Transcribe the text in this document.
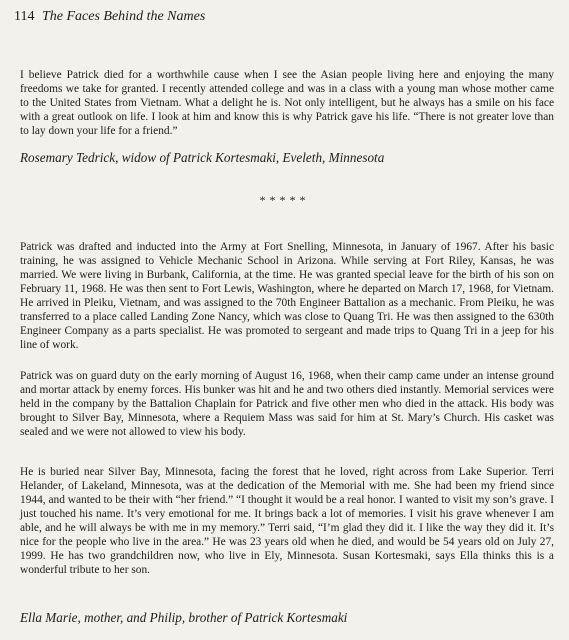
114 The Faces Behind the Names

I believe Patrick died for a worthwhile cause when I see the Asian people living here and enjoying the many freedoms we take for granted. I recently attended college and was in a class with a young man whose mother came to the United States from Vietnam. What a delight he is. Not only intelligent, but he always has a smile on his face with a great outlook on life. I look at him and know this is why Patrick gave his life. “There is not greater love than to lay down your life for a friend.”

Rosemary Tedrick, widow of Patrick Kortesmaki, Eveleth, Minnesota
*****

Patrick was drafted and inducted into the Army at Fort Snelling, Minnesota, in January of 1967. After his basic training, he was assigned to Vehicle Mechanic School in Arizona. While serving at Fort Riley, Kansas, he was married. We were living in Burbank, California, at the time. He was granted special leave for the birth of his son on February 11, 1968. He was then sent to Fort Lewis, Washington, where he departed on March 17, 1968, for Vietnam. He arrived in Pleiku, Vietnam, and was assigned to the 70th Engineer Battalion as a mechanic. From Pleiku, he was transferred to a place called Landing Zone Nancy, which was close to Quang Tri. He was then assigned to the 630th Engineer Company as a parts specialist. He was promoted to sergeant and made trips to Quang Tri in a jeep for his line of work.

Patrick was on guard duty on the early morning of August 16, 1968, when their camp came under an intense ground and mortar attack by enemy forces. His bunker was hit and he and two others died instantly. Memorial services were held in the company by the Battalion Chaplain for Patrick and five other men who died in the attack. His body was brought to Silver Bay, Minnesota, where a Requiem Mass was said for him at St. Mary’s Church. His casket was sealed and we were not allowed to view his body.

He is buried near Silver Bay, Minnesota, facing the forest that he loved, right across from Lake Superior. Terri Helander, of Lakeland, Minnesota, was at the dedication of the Memorial with me. She had been my friend since 1944, and wanted to be their with “her friend.” “I thought it would be a real honor. I wanted to visit my son’s grave. I just touched his name. It’s very emotional for me. It brings back a lot of memories. I visit his grave whenever I am able, and he will always be with me in my memory.” Terri said, “I’m glad they did it. I like the way they did it. It’s nice for the people who live in the area.” He was 23 years old when he died, and would be 54 years old on July 27, 1999. He has two grandchildren now, who live in Ely, Minnesota. Susan Kortesmaki, says Ella thinks this is a wonderful tribute to her son.

Ella Marie, mother, and Philip, brother of Patrick Kortesmaki
